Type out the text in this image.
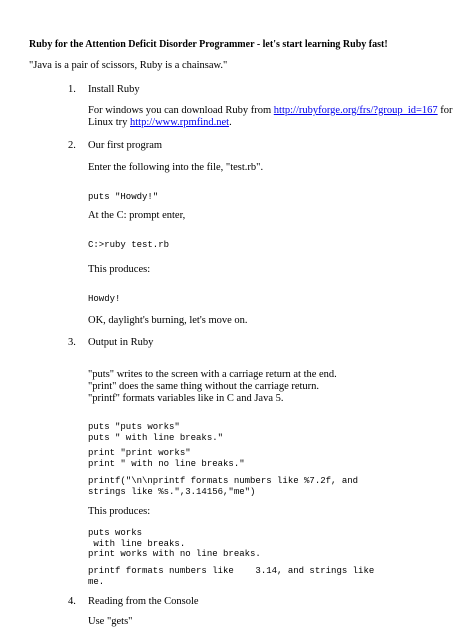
Ruby for the Attention Deficit Disorder Programmer - let's start learning Ruby fast!
"Java is a pair of scissors, Ruby is a chainsaw."
1. Install Ruby
For windows you can download Ruby from http://rubyforge.org/frs/?group_id=167 for
Linux try http://www.rpmfind.net.
2. Our first program
Enter the following into the file, "test.rb".
puts "Howdy!"
At the C: prompt enter,
C:>ruby test.rb
This produces:
Howdy!
OK, daylight's burning, let's move on.
3. Output in Ruby
"puts" writes to the screen with a carriage return at the end.
"print" does the same thing without the carriage return.
"printf" formats variables like in C and Java 5.
puts "puts works"
puts " with line breaks."
print "print works"
print " with no line breaks."
printf("\n\nprintf formats numbers like %7.2f, and
strings like %s.",3.14156,"me")
This produces:
puts works
with line breaks.
print works with no line breaks.
printf formats numbers like    3.14, and strings like
me.
4. Reading from the Console
Use "gets"
